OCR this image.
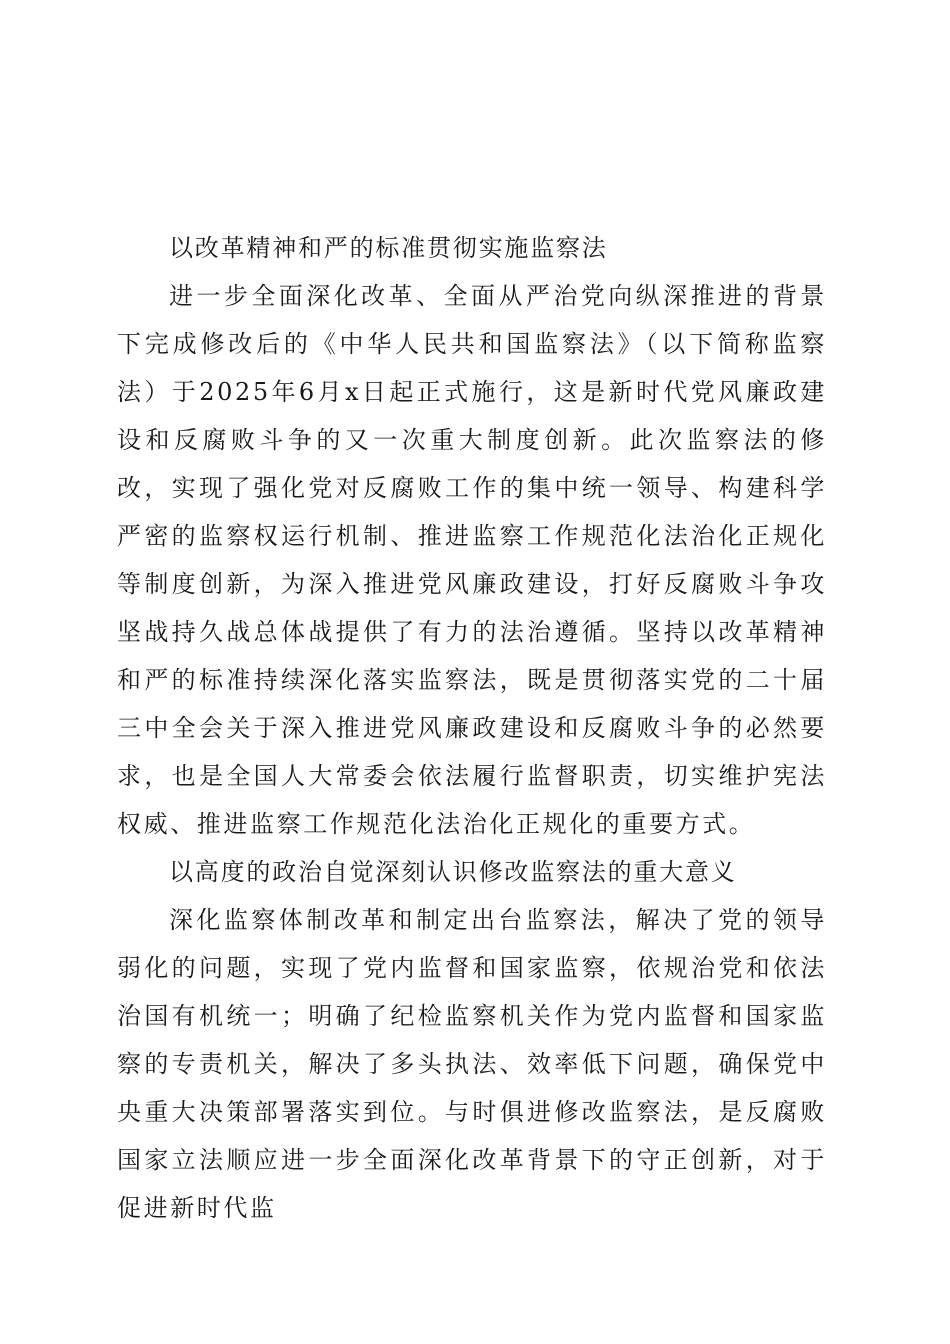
以改革精神和严的标准贯彻实施监察法

进一步全面深化改革、全面从严治党向纵深推进的背景下完成修改后的《中华人民共和国监察法》（以下简称监察法）于2025年6月x日起正式施行，这是新时代党风廉政建设和反腐败斗争的又一次重大制度创新。此次监察法的修改，实现了强化党对反腐败工作的集中统一领导、构建科学严密的监察权运行机制、推进监察工作规范化法治化正规化等制度创新，为深入推进党风廉政建设，打好反腐败斗争攻坚战持久战总体战提供了有力的法治遵循。坚持以改革精神和严的标准持续深化落实监察法，既是贯彻落实党的二十届三中全会关于深入推进党风廉政建设和反腐败斗争的必然要求，也是全国人大常委会依法履行监督职责，切实维护宪法权威、推进监察工作规范化法治化正规化的重要方式。

以高度的政治自觉深刻认识修改监察法的重大意义

深化监察体制改革和制定出台监察法，解决了党的领导弱化的问题，实现了党内监督和国家监察，依规治党和依法治国有机统一；明确了纪检监察机关作为党内监督和国家监察的专责机关，解决了多头执法、效率低下问题，确保党中央重大决策部署落实到位。与时俱进修改监察法，是反腐败国家立法顺应进一步全面深化改革背景下的守正创新，对于促进新时代监
